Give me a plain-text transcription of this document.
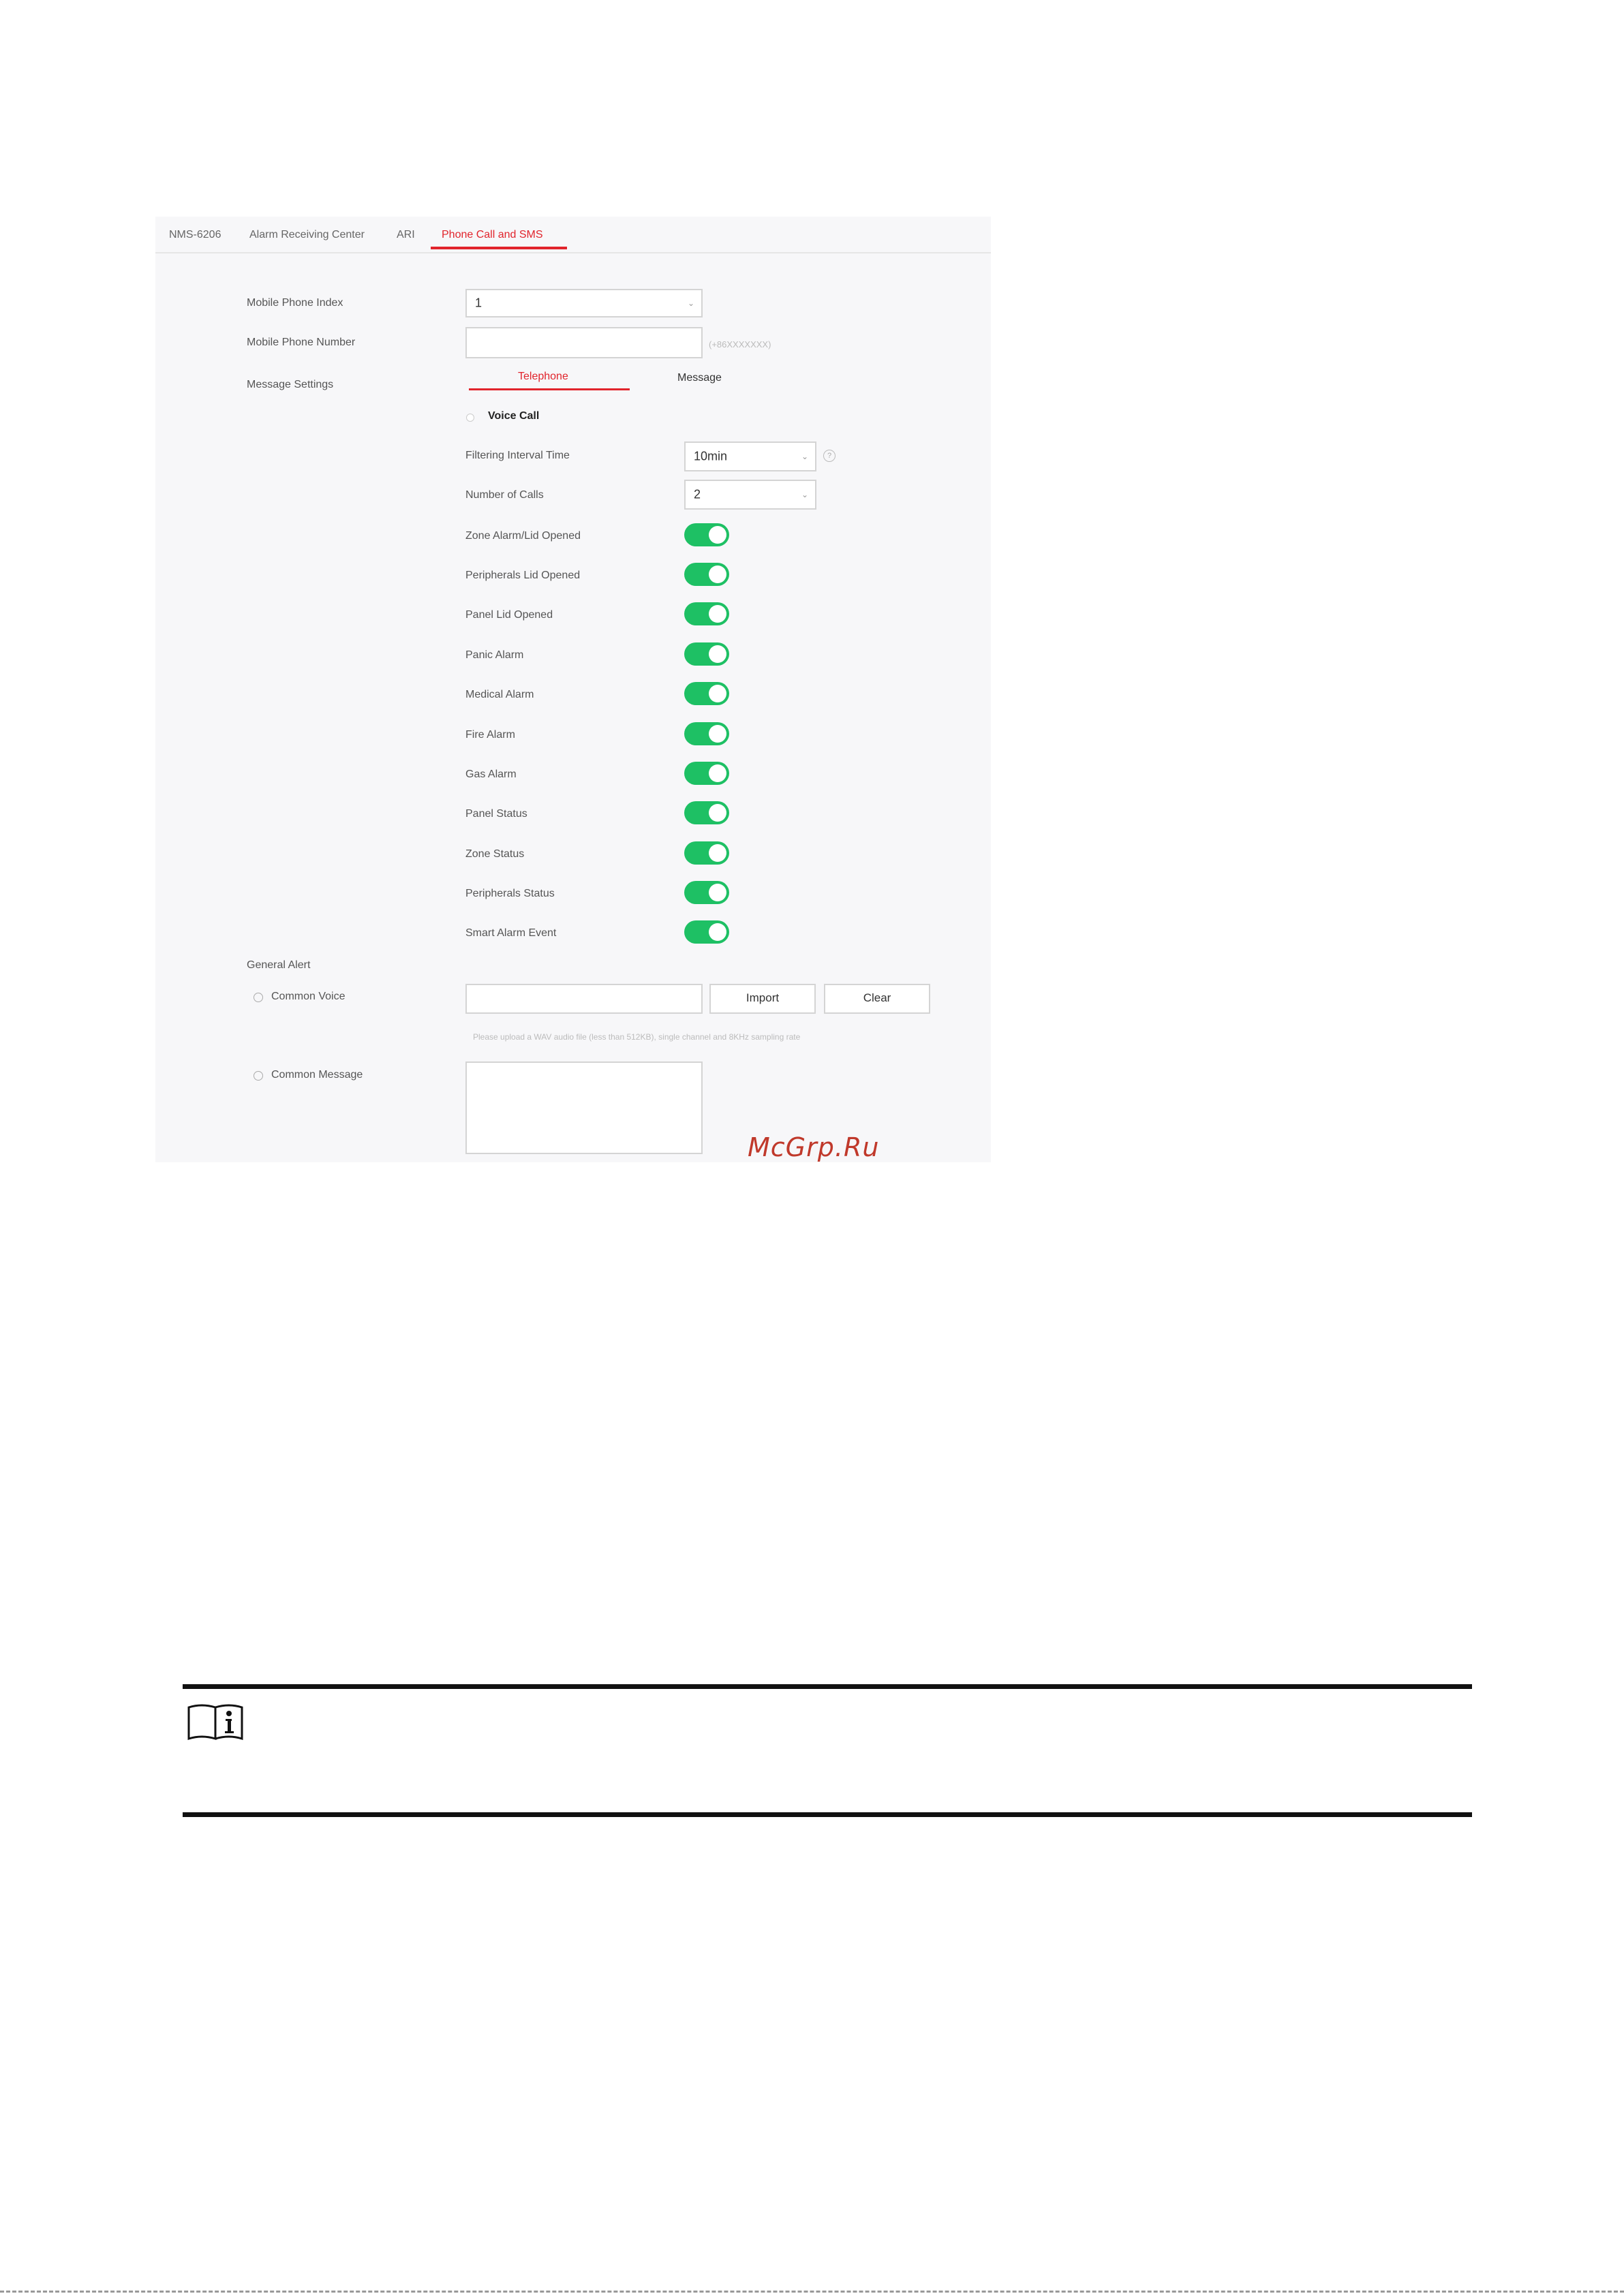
NMS-6206	Alarm Receiving Center	ARI Phone Call and SMS
Mobile Phone Index	1	⌄
Mobile Phone Number	(+86XXXXXXX)
Message Settings
Telephone	Message
Voice Call
Filtering Interval Time	10min	⌄	?
Number of Calls	2	⌄
Zone Alarm/Lid Opened
Peripherals Lid Opened
Panel Lid Opened
Panic Alarm
Medical Alarm
Fire Alarm
Gas Alarm
Panel Status
Zone Status
Peripherals Status
Smart Alarm Event
General Alert
Common Voice	Import	Clear
Please upload a WAV audio file (less than 512KB), single channel and 8KHz sampling rate
Common Message
McGrp.Ru
